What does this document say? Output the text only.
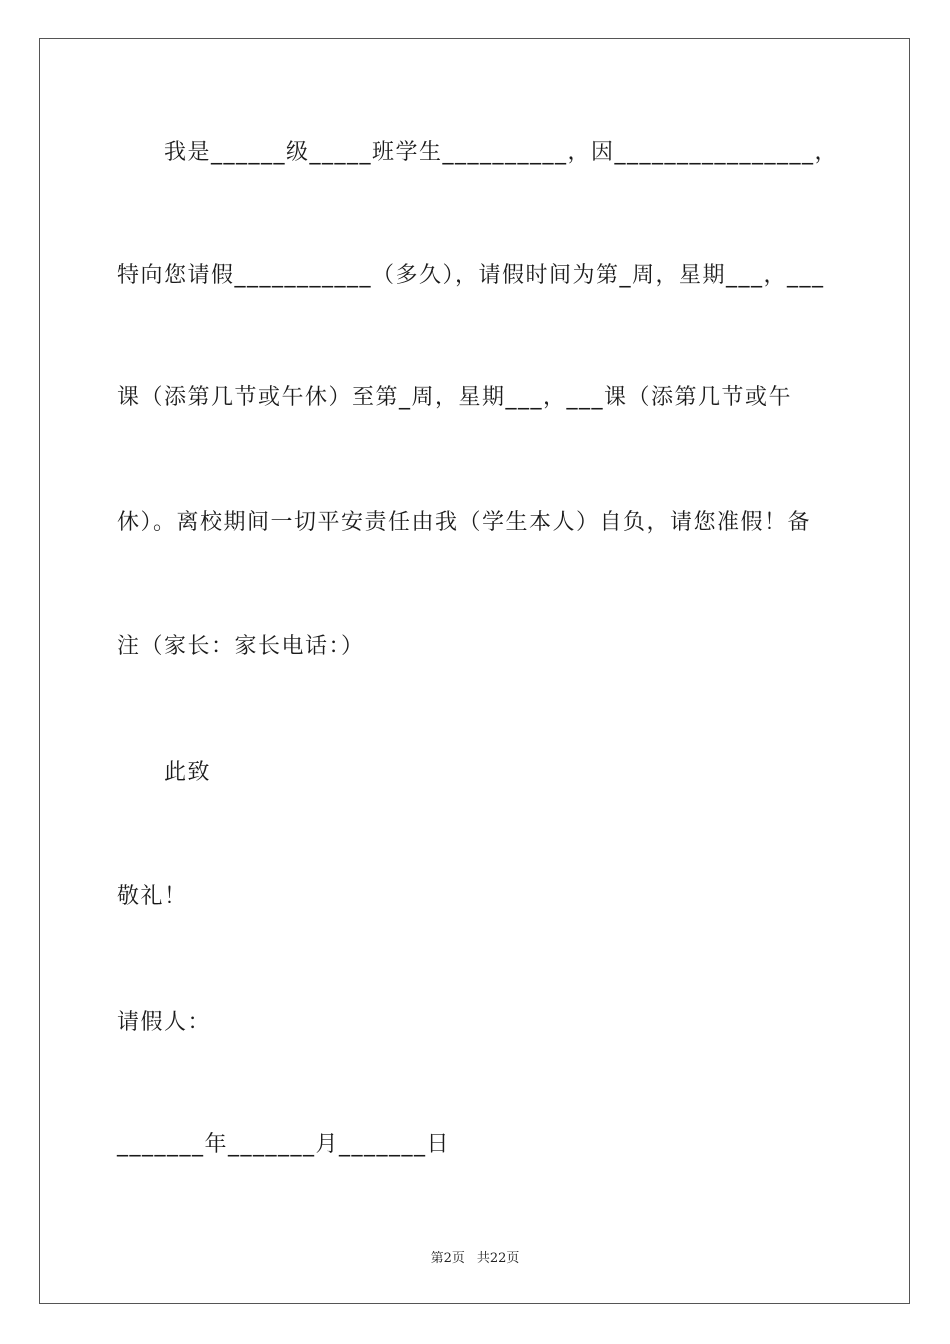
我是______级_____班学生__________，因________________，
特向您请假___________（多久），请假时间为第_周，星期___，___
课（添第几节或午休）至第_周，星期___，___课（添第几节或午
休）。离校期间一切平安责任由我（学生本人）自负，请您准假！备
注（家长：家长电话：）
此致
敬礼！
请假人：
_______年_______月_______日
第2页 共22页
